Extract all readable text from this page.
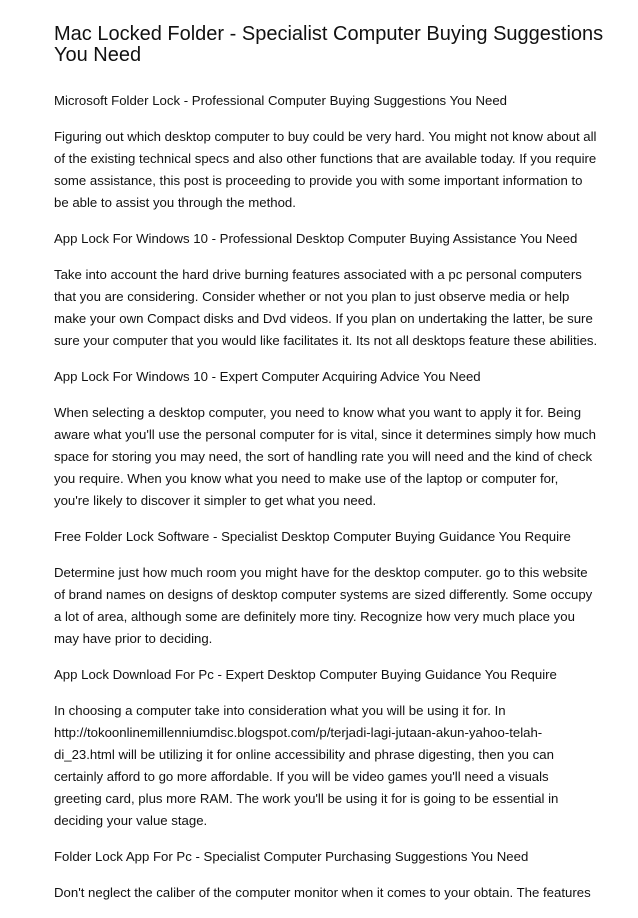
Mac Locked Folder - Specialist Computer Buying Suggestions
You Need
Microsoft Folder Lock - Professional Computer Buying Suggestions You Need

Figuring out which desktop computer to buy could be very hard. You might not know about all
of the existing technical specs and also other functions that are available today. If you require
some assistance, this post is proceeding to provide you with some important information to
be able to assist you through the method.

App Lock For Windows 10 - Professional Desktop Computer Buying Assistance You Need

Take into account the hard drive burning features associated with a pc personal computers
that you are considering. Consider whether or not you plan to just observe media or help
make your own Compact disks and Dvd videos. If you plan on undertaking the latter, be sure
sure your computer that you would like facilitates it. Its not all desktops feature these abilities.

App Lock For Windows 10 - Expert Computer Acquiring Advice You Need

When selecting a desktop computer, you need to know what you want to apply it for. Being
aware what you'll use the personal computer for is vital, since it determines simply how much
space for storing you may need, the sort of handling rate you will need and the kind of check
you require. When you know what you need to make use of the laptop or computer for,
you're likely to discover it simpler to get what you need.

Free Folder Lock Software - Specialist Desktop Computer Buying Guidance You Require

Determine just how much room you might have for the desktop computer. go to this website
of brand names on designs of desktop computer systems are sized differently. Some occupy
a lot of area, although some are definitely more tiny. Recognize how very much place you
may have prior to deciding.

App Lock Download For Pc - Expert Desktop Computer Buying Guidance You Require

In choosing a computer take into consideration what you will be using it for. In
http://tokoonlinemillenniumdisc.blogspot.com/p/terjadi-lagi-jutaan-akun-yahoo-telah-
di_23.html will be utilizing it for online accessibility and phrase digesting, then you can
certainly afford to go more affordable. If you will be video games you'll need a visuals
greeting card, plus more RAM. The work you'll be using it for is going to be essential in
deciding your value stage.

Folder Lock App For Pc - Specialist Computer Purchasing Suggestions You Need

Don't neglect the caliber of the computer monitor when it comes to your obtain. The features
